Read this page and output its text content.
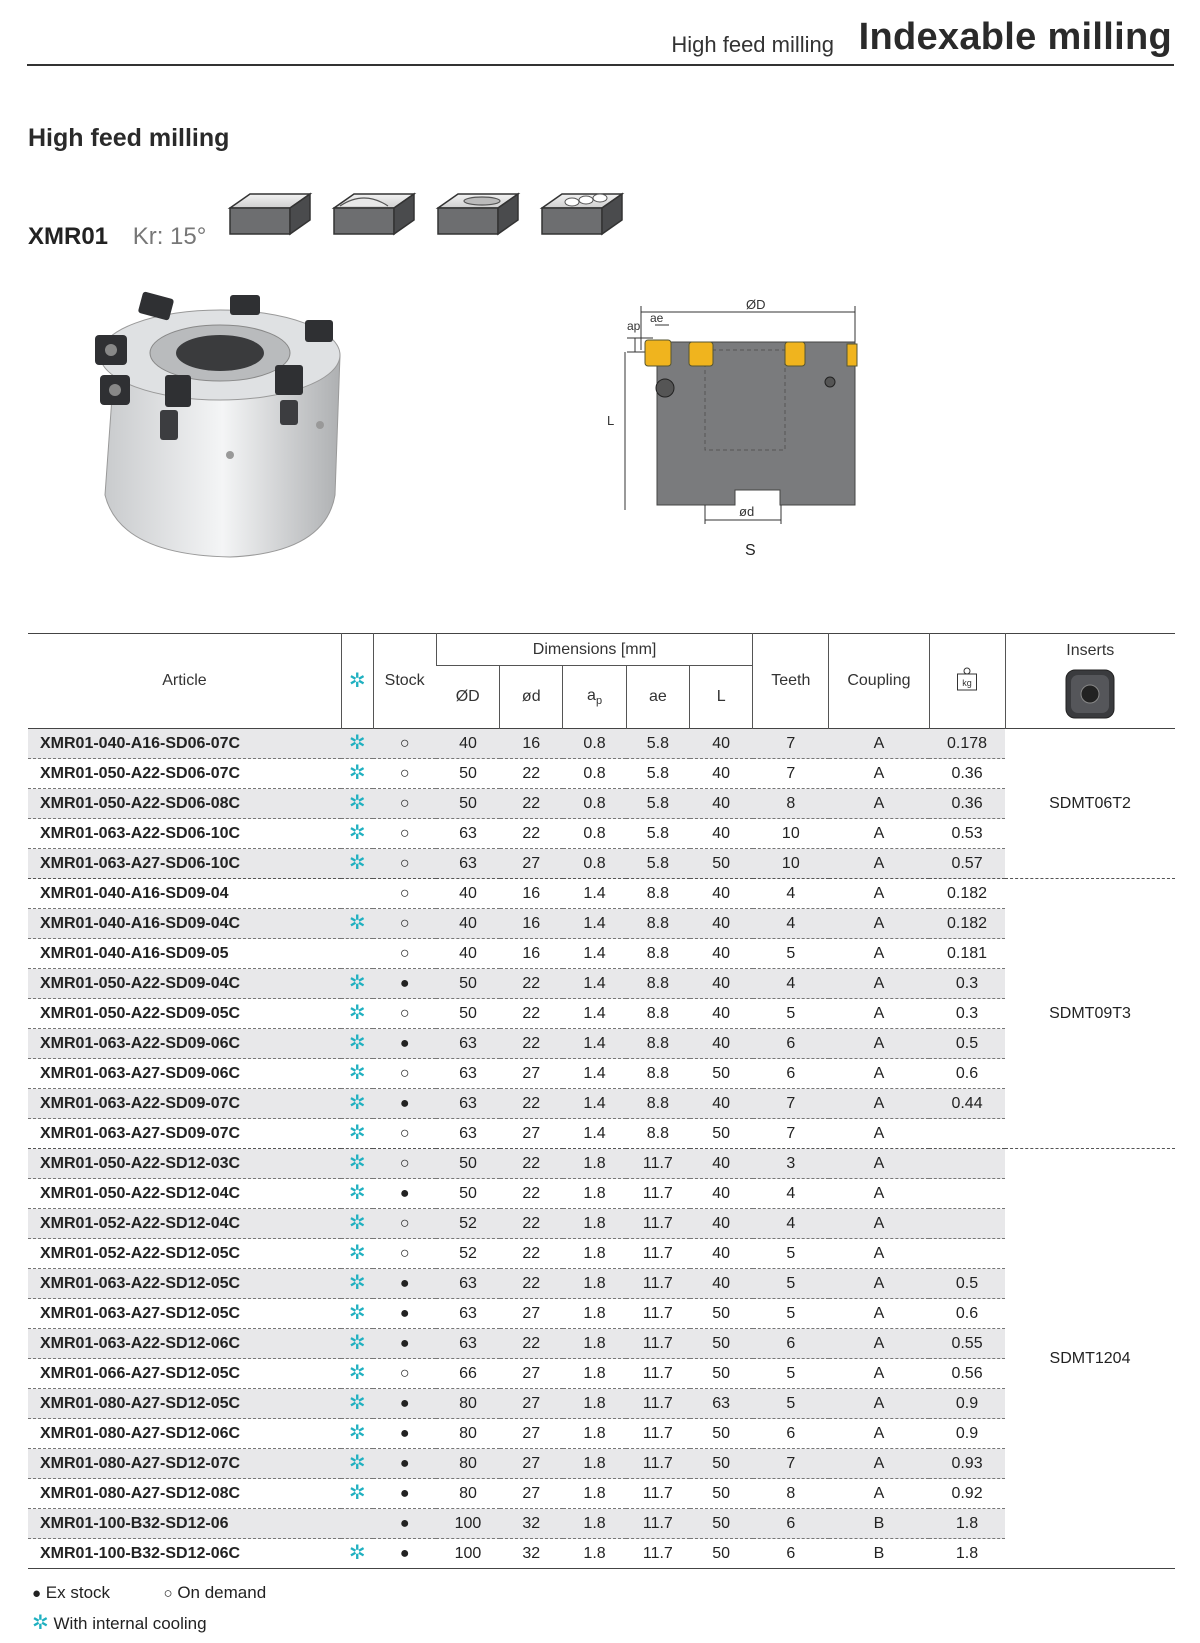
High feed milling Indexable milling
High feed milling
XMR01 Kr: 15°
ØD
ap
ae
L
ød
S
Article	✲	Stock	Dimensions [mm]					Teeth	Coupling	kg	Inserts

			ØD	ød	$a_p$	ae	L				
XMR01-040-A16-SD06-07C	✲	○	40	16	0.8	5.8	40	7	A	0.178	SDMT06T2
XMR01-050-A22-SD06-07C	✲	○	50	22	0.8	5.8	40	7	A	0.36	
XMR01-050-A22-SD06-08C	✲	○	50	22	0.8	5.8	40	8	A	0.36	
XMR01-063-A22-SD06-10C	✲	○	63	22	0.8	5.8	40	10	A	0.53	
XMR01-063-A27-SD06-10C	✲	○	63	27	0.8	5.8	50	10	A	0.57	
XMR01-040-A16-SD09-04		○	40	16	1.4	8.8	40	4	A	0.182	SDMT09T3
XMR01-040-A16-SD09-04C	✲	○	40	16	1.4	8.8	40	4	A	0.182	
XMR01-040-A16-SD09-05		○	40	16	1.4	8.8	40	5	A	0.181	
XMR01-050-A22-SD09-04C	✲	●	50	22	1.4	8.8	40	4	A	0.3	
XMR01-050-A22-SD09-05C	✲	○	50	22	1.4	8.8	40	5	A	0.3	
XMR01-063-A22-SD09-06C	✲	●	63	22	1.4	8.8	40	6	A	0.5	
XMR01-063-A27-SD09-06C	✲	○	63	27	1.4	8.8	50	6	A	0.6	
XMR01-063-A22-SD09-07C	✲	●	63	22	1.4	8.8	40	7	A	0.44	
XMR01-063-A27-SD09-07C	✲	○	63	27	1.4	8.8	50	7	A		
XMR01-050-A22-SD12-03C	✲	○	50	22	1.8	11.7	40	3	A		SDMT1204
XMR01-050-A22-SD12-04C	✲	●	50	22	1.8	11.7	40	4	A		
XMR01-052-A22-SD12-04C	✲	○	52	22	1.8	11.7	40	4	A		
XMR01-052-A22-SD12-05C	✲	○	52	22	1.8	11.7	40	5	A		
XMR01-063-A22-SD12-05C	✲	●	63	22	1.8	11.7	40	5	A	0.5	
XMR01-063-A27-SD12-05C	✲	●	63	27	1.8	11.7	50	5	A	0.6	
XMR01-063-A22-SD12-06C	✲	●	63	22	1.8	11.7	50	6	A	0.55	
XMR01-066-A27-SD12-05C	✲	○	66	27	1.8	11.7	50	5	A	0.56	
XMR01-080-A27-SD12-05C	✲	●	80	27	1.8	11.7	63	5	A	0.9	
XMR01-080-A27-SD12-06C	✲	●	80	27	1.8	11.7	50	6	A	0.9	
XMR01-080-A27-SD12-07C	✲	●	80	27	1.8	11.7	50	7	A	0.93	
XMR01-080-A27-SD12-08C	✲	●	80	27	1.8	11.7	50	8	A	0.92	
XMR01-100-B32-SD12-06		●	100	32	1.8	11.7	50	6	B	1.8	
XMR01-100-B32-SD12-06C	✲	●	100	32	1.8	11.7	50	6	B	1.8	
● Ex stock	○ On demand
✲ With internal cooling
